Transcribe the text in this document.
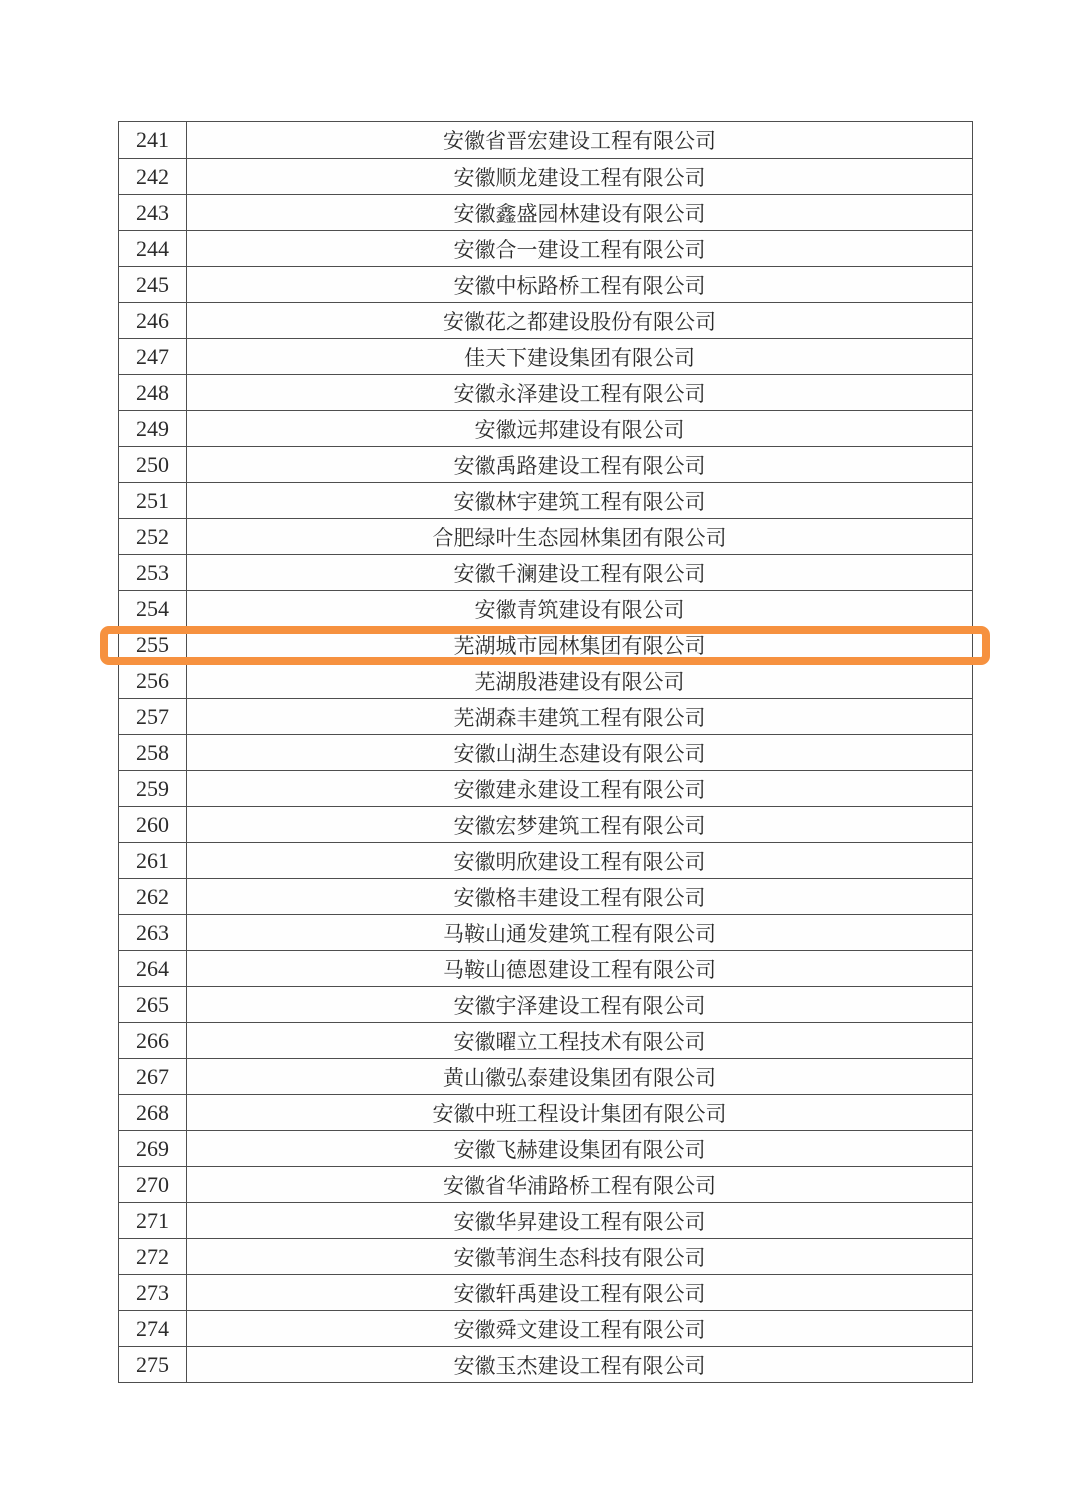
241	安徽省晋宏建设工程有限公司
242	安徽顺龙建设工程有限公司
243	安徽鑫盛园林建设有限公司
244	安徽合一建设工程有限公司
245	安徽中标路桥工程有限公司
246	安徽花之都建设股份有限公司
247	佳天下建设集团有限公司
248	安徽永泽建设工程有限公司
249	安徽远邦建设有限公司
250	安徽禹路建设工程有限公司
251	安徽林宇建筑工程有限公司
252	合肥绿叶生态园林集团有限公司
253	安徽千澜建设工程有限公司
254	安徽青筑建设有限公司
255	芜湖城市园林集团有限公司
256	芜湖殷港建设有限公司
257	芜湖森丰建筑工程有限公司
258	安徽山湖生态建设有限公司
259	安徽建永建设工程有限公司
260	安徽宏梦建筑工程有限公司
261	安徽明欣建设工程有限公司
262	安徽格丰建设工程有限公司
263	马鞍山通发建筑工程有限公司
264	马鞍山德恩建设工程有限公司
265	安徽宇泽建设工程有限公司
266	安徽曜立工程技术有限公司
267	黄山徽弘泰建设集团有限公司
268	安徽中班工程设计集团有限公司
269	安徽飞赫建设集团有限公司
270	安徽省华浦路桥工程有限公司
271	安徽华昇建设工程有限公司
272	安徽苇润生态科技有限公司
273	安徽轩禹建设工程有限公司
274	安徽舜文建设工程有限公司
275	安徽玉杰建设工程有限公司
